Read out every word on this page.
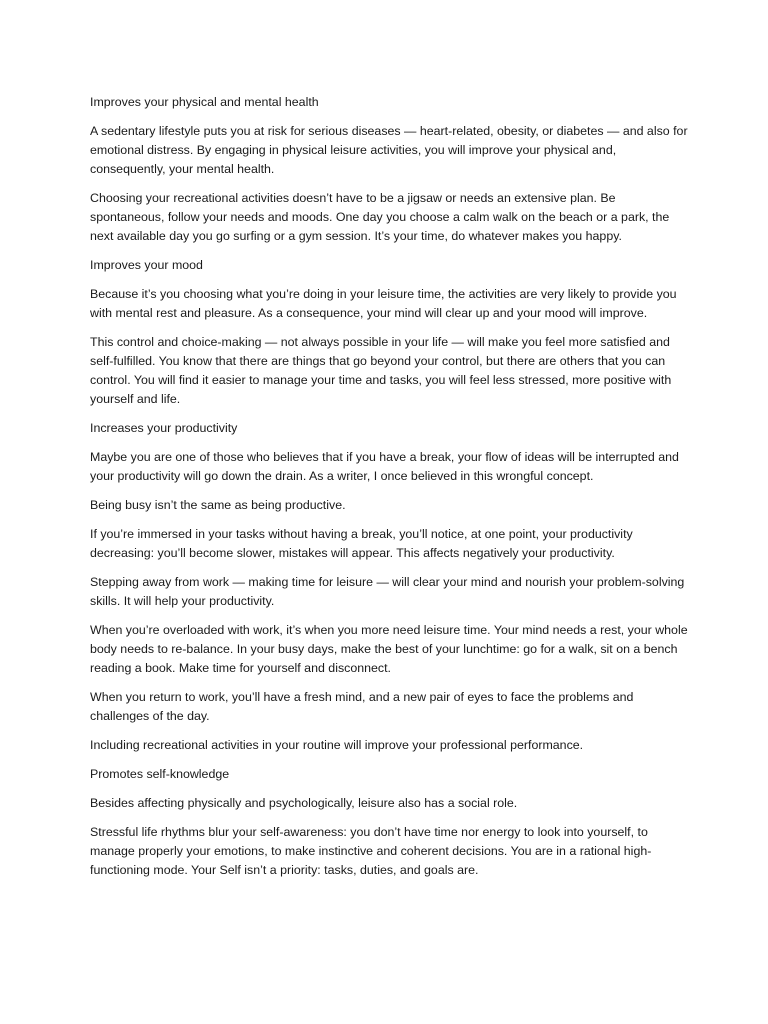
Improves your physical and mental health

A sedentary lifestyle puts you at risk for serious diseases — heart-related, obesity, or diabetes — and also for emotional distress. By engaging in physical leisure activities, you will improve your physical and, consequently, your mental health.

Choosing your recreational activities doesn’t have to be a jigsaw or needs an extensive plan. Be spontaneous, follow your needs and moods. One day you choose a calm walk on the beach or a park, the next available day you go surfing or a gym session. It’s your time, do whatever makes you happy.

Improves your mood

Because it’s you choosing what you’re doing in your leisure time, the activities are very likely to provide you with mental rest and pleasure. As a consequence, your mind will clear up and your mood will improve.

This control and choice-making — not always possible in your life — will make you feel more satisfied and self-fulfilled. You know that there are things that go beyond your control, but there are others that you can control. You will find it easier to manage your time and tasks, you will feel less stressed, more positive with yourself and life.

Increases your productivity

Maybe you are one of those who believes that if you have a break, your flow of ideas will be interrupted and your productivity will go down the drain. As a writer, I once believed in this wrongful concept.

Being busy isn’t the same as being productive.

If you’re immersed in your tasks without having a break, you’ll notice, at one point, your productivity decreasing: you’ll become slower, mistakes will appear. This affects negatively your productivity.

Stepping away from work — making time for leisure — will clear your mind and nourish your problem-solving skills. It will help your productivity.

When you’re overloaded with work, it’s when you more need leisure time. Your mind needs a rest, your whole body needs to re-balance. In your busy days, make the best of your lunchtime: go for a walk, sit on a bench reading a book. Make time for yourself and disconnect.

When you return to work, you’ll have a fresh mind, and a new pair of eyes to face the problems and challenges of the day.

Including recreational activities in your routine will improve your professional performance.

Promotes self-knowledge

Besides affecting physically and psychologically, leisure also has a social role.

Stressful life rhythms blur your self-awareness: you don’t have time nor energy to look into yourself, to manage properly your emotions, to make instinctive and coherent decisions. You are in a rational high-functioning mode. Your Self isn’t a priority: tasks, duties, and goals are.
